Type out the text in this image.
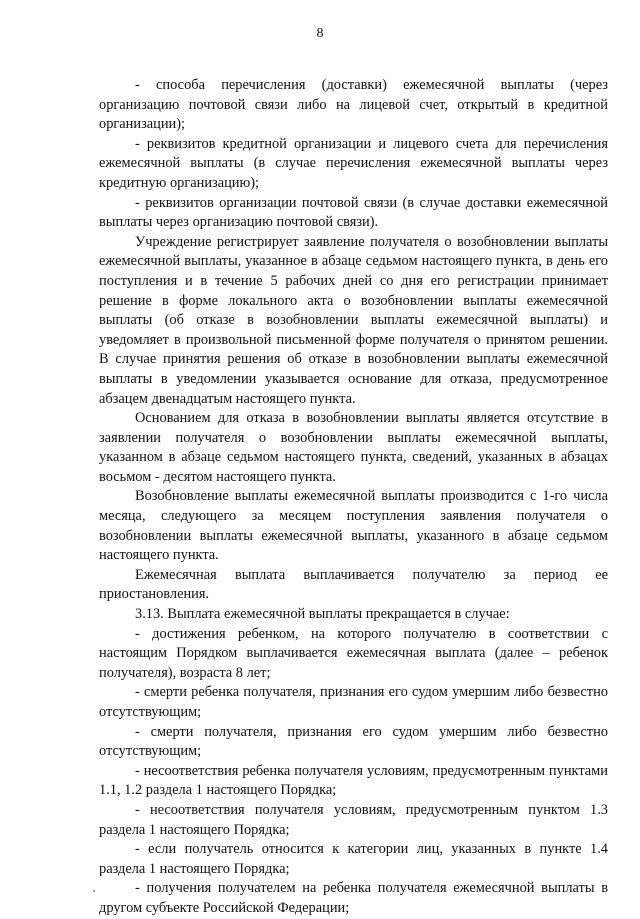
8

- способа перечисления (доставки) ежемесячной выплаты (через организацию почтовой связи либо на лицевой счет, открытый в кредитной организации);

- реквизитов кредитной организации и лицевого счета для перечисления ежемесячной выплаты (в случае перечисления ежемесячной выплаты через кредитную организацию);

- реквизитов организации почтовой связи (в случае доставки ежемесячной выплаты через организацию почтовой связи).

Учреждение регистрирует заявление получателя о возобновлении выплаты ежемесячной выплаты, указанное в абзаце седьмом настоящего пункта, в день его поступления и в течение 5 рабочих дней со дня его регистрации принимает решение в форме локального акта о возобновлении выплаты ежемесячной выплаты (об отказе в возобновлении выплаты ежемесячной выплаты) и уведомляет в произвольной письменной форме получателя о принятом решении. В случае принятия решения об отказе в возобновлении выплаты ежемесячной выплаты в уведомлении указывается основание для отказа, предусмотренное абзацем двенадцатым настоящего пункта.

Основанием для отказа в возобновлении выплаты является отсутствие в заявлении получателя о возобновлении выплаты ежемесячной выплаты, указанном в абзаце седьмом настоящего пункта, сведений, указанных в абзацах восьмом - десятом настоящего пункта.

Возобновление выплаты ежемесячной выплаты производится с 1-го числа месяца, следующего за месяцем поступления заявления получателя о возобновлении выплаты ежемесячной выплаты, указанного в абзаце седьмом настоящего пункта.

Ежемесячная выплата выплачивается получателю за период ее приостановления.

3.13. Выплата ежемесячной выплаты прекращается в случае:

- достижения ребенком, на которого получателю в соответствии с настоящим Порядком выплачивается ежемесячная выплата (далее – ребенок получателя), возраста 8 лет;

- смерти ребенка получателя, признания его судом умершим либо безвестно отсутствующим;

- смерти получателя, признания его судом умершим либо безвестно отсутствующим;

- несоответствия ребенка получателя условиям, предусмотренным пунктами 1.1, 1.2 раздела 1 настоящего Порядка;

- несоответствия получателя условиям, предусмотренным пунктом 1.3 раздела 1 настоящего Порядка;

- если получатель относится к категории лиц, указанных в пункте 1.4 раздела 1 настоящего Порядка;

- получения получателем на ребенка получателя ежемесячной выплаты в другом субъекте Российской Федерации;
